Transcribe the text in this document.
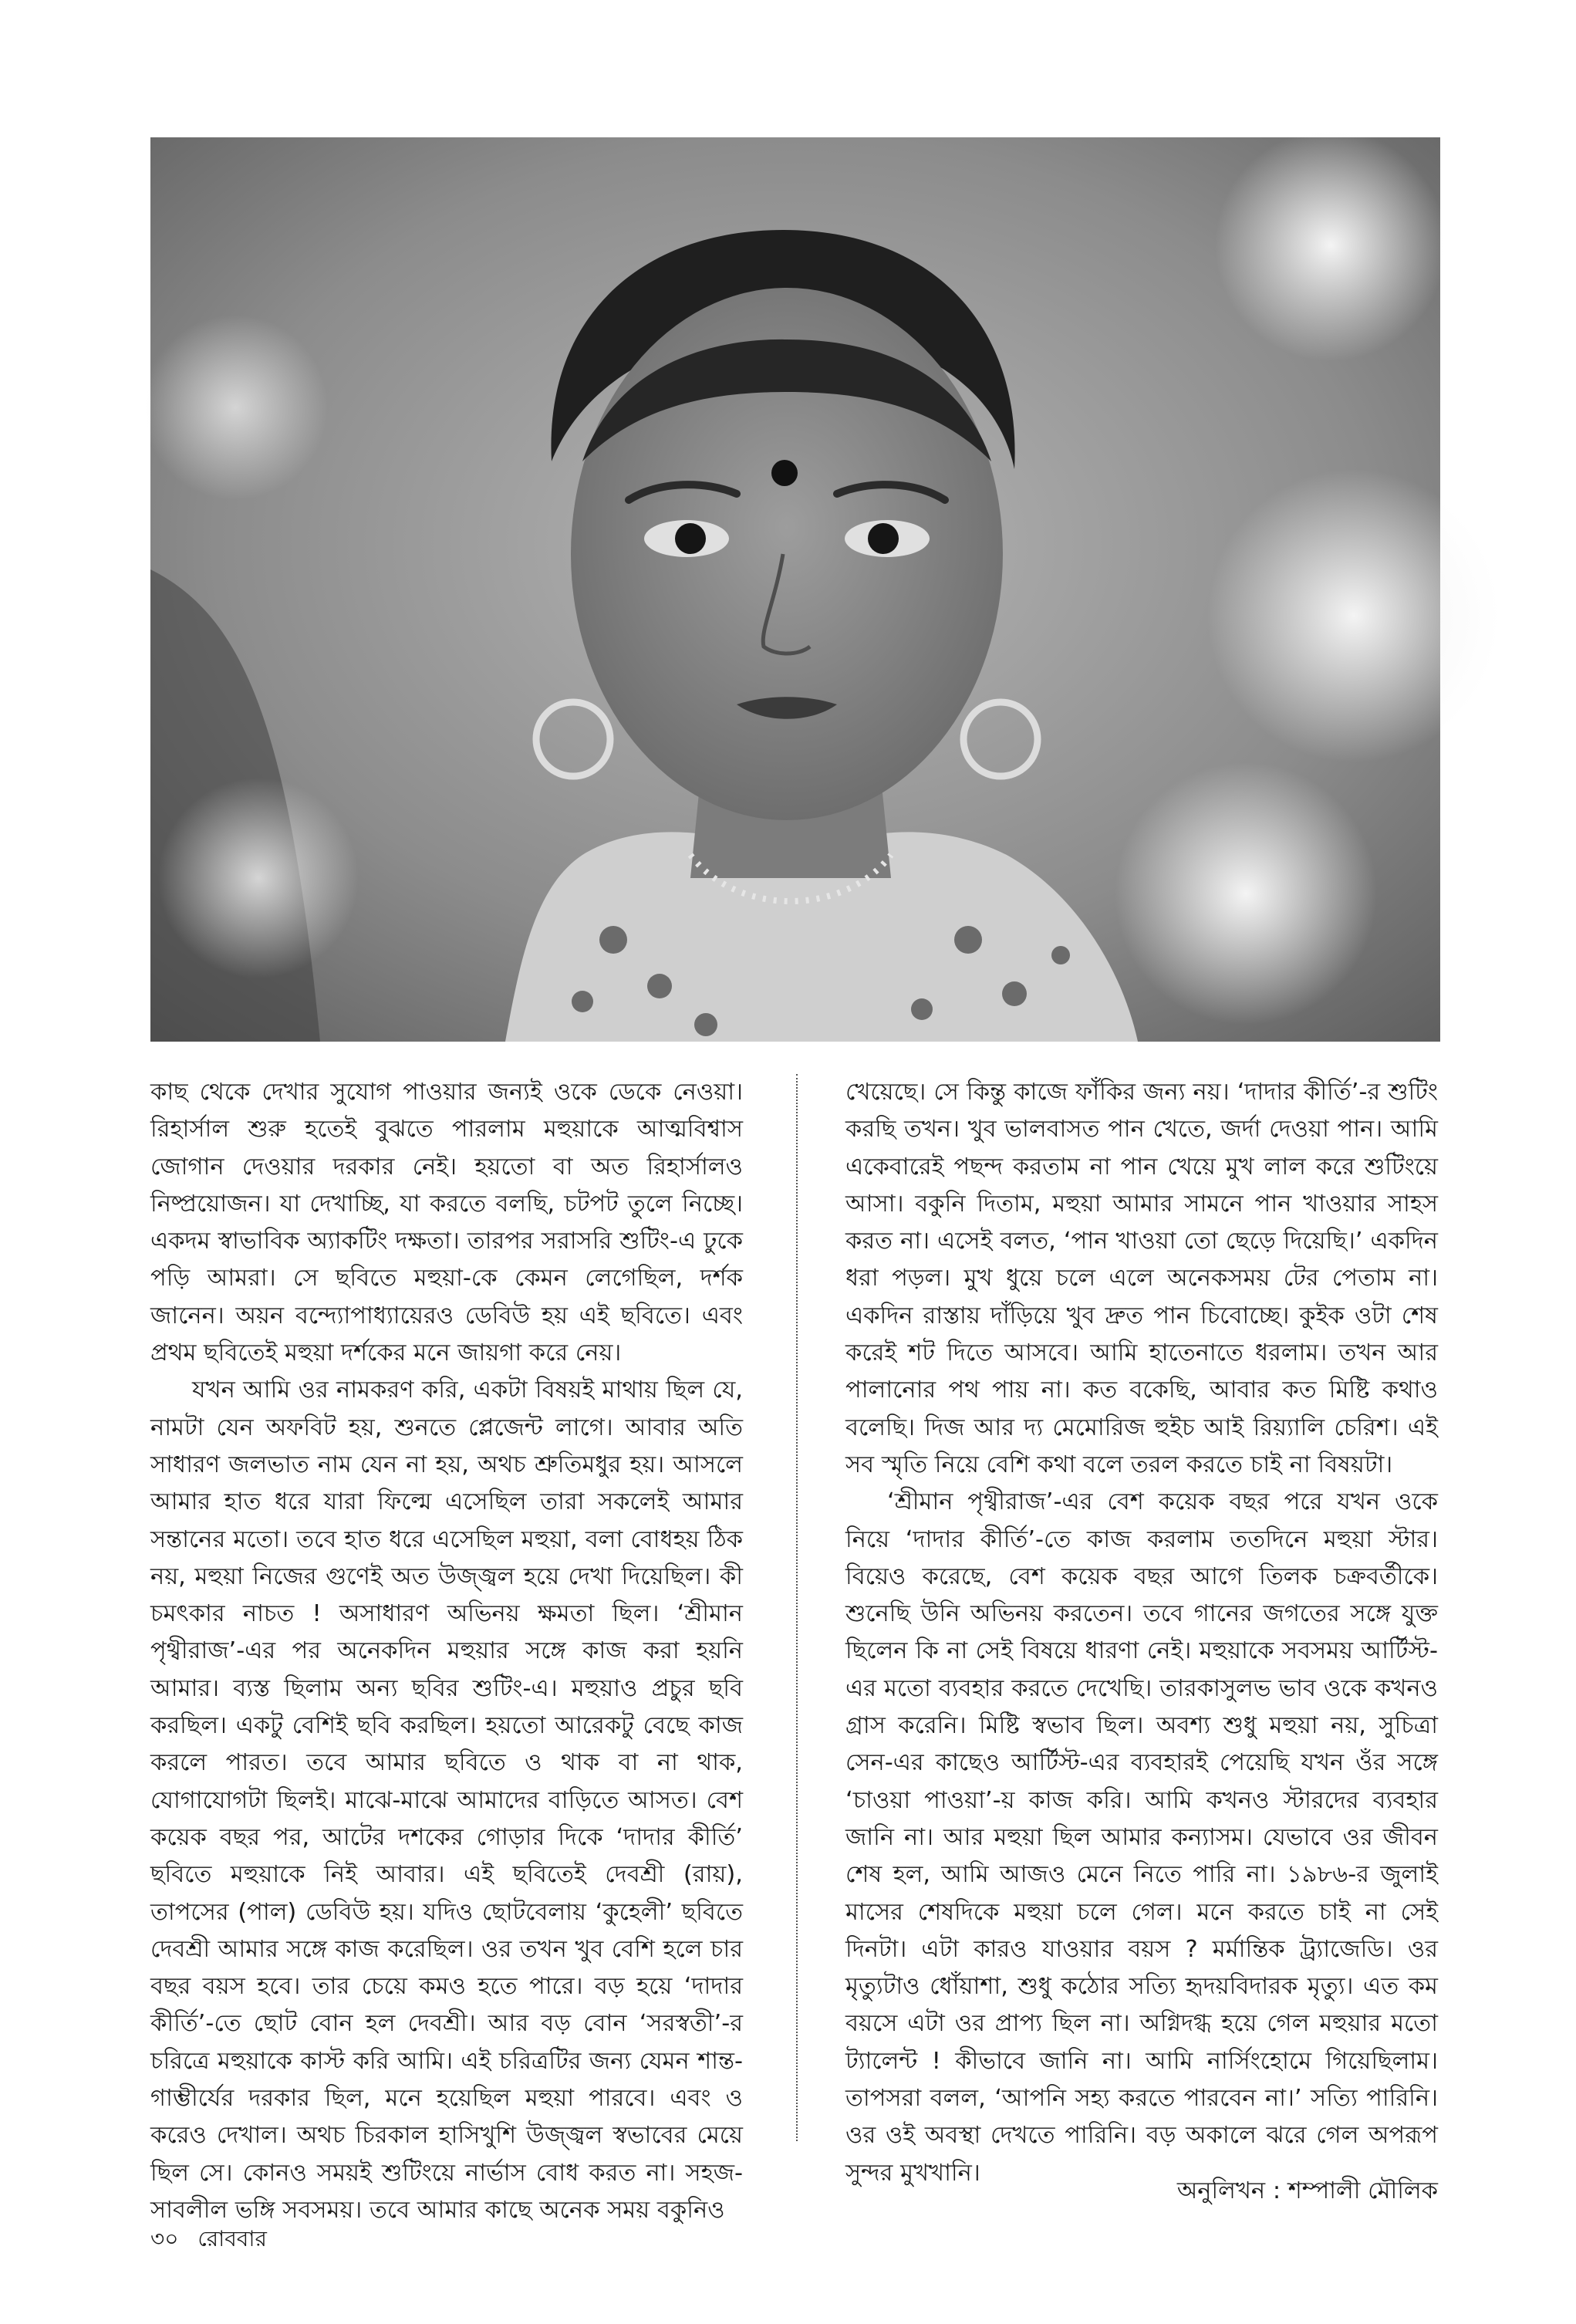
কাছ থেকে দেখার সুযোগ পাওয়ার জন্যই ওকে ডেকে নেওয়া। রিহার্সাল শুরু হতেই বুঝতে পারলাম মহুয়াকে আত্মবিশ্বাস জোগান দেওয়ার দরকার নেই। হয়তো বা অত রিহার্সালও নিষ্প্রয়োজন। যা দেখাচ্ছি, যা করতে বলছি, চটপট তুলে নিচ্ছে। একদম স্বাভাবিক অ্যাকটিং দক্ষতা। তারপর সরাসরি শুটিং-এ ঢুকে পড়ি আমরা। সে ছবিতে মহুয়া-কে কেমন লেগেছিল, দর্শক জানেন। অয়ন বন্দ্যোপাধ্যায়েরও ডেবিউ হয় এই ছবিতে। এবং প্রথম ছবিতেই মহুয়া দর্শকের মনে জায়গা করে নেয়।

যখন আমি ওর নামকরণ করি, একটা বিষয়ই মাথায় ছিল যে, নামটা যেন অফবিট হয়, শুনতে প্লেজেন্ট লাগে। আবার অতি সাধারণ জলভাত নাম যেন না হয়, অথচ শ্রুতিমধুর হয়। আসলে আমার হাত ধরে যারা ফিল্মে এসেছিল তারা সকলেই আমার সন্তানের মতো। তবে হাত ধরে এসেছিল মহুয়া, বলা বোধহয় ঠিক নয়, মহুয়া নিজের গুণেই অত উজ্জ্বল হয়ে দেখা দিয়েছিল। কী চমৎকার নাচত ! অসাধারণ অভিনয় ক্ষমতা ছিল। ‘শ্রীমান পৃথ্বীরাজ’-এর পর অনেকদিন মহুয়ার সঙ্গে কাজ করা হয়নি আমার। ব্যস্ত ছিলাম অন্য ছবির শুটিং-এ। মহুয়াও প্রচুর ছবি করছিল। একটু বেশিই ছবি করছিল। হয়তো আরেকটু বেছে কাজ করলে পারত। তবে আমার ছবিতে ও থাক বা না থাক, যোগাযোগটা ছিলই। মাঝে-মাঝে আমাদের বাড়িতে আসত। বেশ কয়েক বছর পর, আটের দশকের গোড়ার দিকে ‘দাদার কীর্তি’ ছবিতে মহুয়াকে নিই আবার। এই ছবিতেই দেবশ্রী (রায়), তাপসের (পাল) ডেবিউ হয়। যদিও ছোটবেলায় ‘কুহেলী’ ছবিতে দেবশ্রী আমার সঙ্গে কাজ করেছিল। ওর তখন খুব বেশি হলে চার বছর বয়স হবে। তার চেয়ে কমও হতে পারে। বড় হয়ে ‘দাদার কীর্তি’-তে ছোট বোন হল দেবশ্রী। আর বড় বোন ‘সরস্বতী’-র চরিত্রে মহুয়াকে কাস্ট করি আমি। এই চরিত্রটির জন্য যেমন শান্ত-গাম্ভীর্যের দরকার ছিল, মনে হয়েছিল মহুয়া পারবে। এবং ও করেও দেখাল। অথচ চিরকাল হাসিখুশি উজ্জ্বল স্বভাবের মেয়ে ছিল সে। কোনও সময়ই শুটিংয়ে নার্ভাস বোধ করত না। সহজ-সাবলীল ভঙ্গি সবসময়। তবে আমার কাছে অনেক সময় বকুনিও

খেয়েছে। সে কিন্তু কাজে ফাঁকির জন্য নয়। ‘দাদার কীর্তি’-র শুটিং করছি তখন। খুব ভালবাসত পান খেতে, জর্দা দেওয়া পান। আমি একেবারেই পছন্দ করতাম না পান খেয়ে মুখ লাল করে শুটিংয়ে আসা। বকুনি দিতাম, মহুয়া আমার সামনে পান খাওয়ার সাহস করত না। এসেই বলত, ‘পান খাওয়া তো ছেড়ে দিয়েছি।’ একদিন ধরা পড়ল। মুখ ধুয়ে চলে এলে অনেকসময় টের পেতাম না। একদিন রাস্তায় দাঁড়িয়ে খুব দ্রুত পান চিবোচ্ছে। কুইক ওটা শেষ করেই শট দিতে আসবে। আমি হাতেনাতে ধরলাম। তখন আর পালানোর পথ পায় না। কত বকেছি, আবার কত মিষ্টি কথাও বলেছি। দিজ আর দ্য মেমোরিজ হুইচ আই রিয়্যালি চেরিশ। এই সব স্মৃতি নিয়ে বেশি কথা বলে তরল করতে চাই না বিষয়টা।

‘শ্রীমান পৃথ্বীরাজ’-এর বেশ কয়েক বছর পরে যখন ওকে নিয়ে ‘দাদার কীর্তি’-তে কাজ করলাম ততদিনে মহুয়া স্টার। বিয়েও করেছে, বেশ কয়েক বছর আগে তিলক চক্রবর্তীকে। শুনেছি উনি অভিনয় করতেন। তবে গানের জগতের সঙ্গে যুক্ত ছিলেন কি না সেই বিষয়ে ধারণা নেই। মহুয়াকে সবসময় আর্টিস্ট-এর মতো ব্যবহার করতে দেখেছি। তারকাসুলভ ভাব ওকে কখনও গ্রাস করেনি। মিষ্টি স্বভাব ছিল। অবশ্য শুধু মহুয়া নয়, সুচিত্রা সেন-এর কাছেও আর্টিস্ট-এর ব্যবহারই পেয়েছি যখন ওঁর সঙ্গে ‘চাওয়া পাওয়া’-য় কাজ করি। আমি কখনও স্টারদের ব্যবহার জানি না। আর মহুয়া ছিল আমার কন্যাসম। যেভাবে ওর জীবন শেষ হল, আমি আজও মেনে নিতে পারি না। ১৯৮৬-র জুলাই মাসের শেষদিকে মহুয়া চলে গেল। মনে করতে চাই না সেই দিনটা। এটা কারও যাওয়ার বয়স ? মর্মান্তিক ট্র্যাজেডি। ওর মৃত্যুটাও ধোঁয়াশা, শুধু কঠোর সত্যি হৃদয়বিদারক মৃত্যু। এত কম বয়সে এটা ওর প্রাপ্য ছিল না। অগ্নিদগ্ধ হয়ে গেল মহুয়ার মতো ট্যালেন্ট ! কীভাবে জানি না। আমি নার্সিংহোমে গিয়েছিলাম। তাপসরা বলল, ‘আপনি সহ্য করতে পারবেন না।’ সত্যি পারিনি। ওর ওই অবস্থা দেখতে পারিনি। বড় অকালে ঝরে গেল অপরূপ সুন্দর মুখখানি।

অনুলিখন : শম্পালী মৌলিক
৩০ রোববার
